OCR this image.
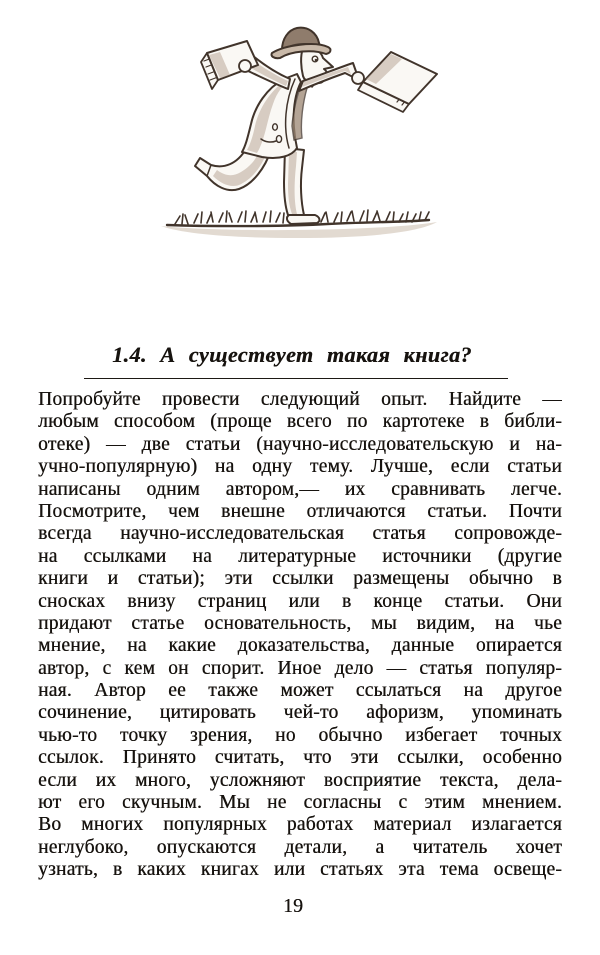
1.4. А существует такая книга?
Попробуйте провести следующий опыт. Найдите —
любым способом (проще всего по картотеке в библи-
отеке) — две статьи (научно-исследовательскую и на-
учно-популярную) на одну тему. Лучше, если статьи
написаны одним автором,— их сравнивать легче.
Посмотрите, чем внешне отличаются статьи. Почти
всегда научно-исследовательская статья сопровожде-
на ссылками на литературные источники (другие
книги и статьи); эти ссылки размещены обычно в
сносках внизу страниц или в конце статьи. Они
придают статье основательность, мы видим, на чье
мнение, на какие доказательства, данные опирается
автор, с кем он спорит. Иное дело — статья популяр-
ная. Автор ее также может ссылаться на другое
сочинение, цитировать чей-то афоризм, упоминать
чью-то точку зрения, но обычно избегает точных
ссылок. Принято считать, что эти ссылки, особенно
если их много, усложняют восприятие текста, дела-
ют его скучным. Мы не согласны с этим мнением.
Во многих популярных работах материал излагается
неглубоко, опускаются детали, а читатель хочет
узнать, в каких книгах или статьях эта тема освеще-
19
